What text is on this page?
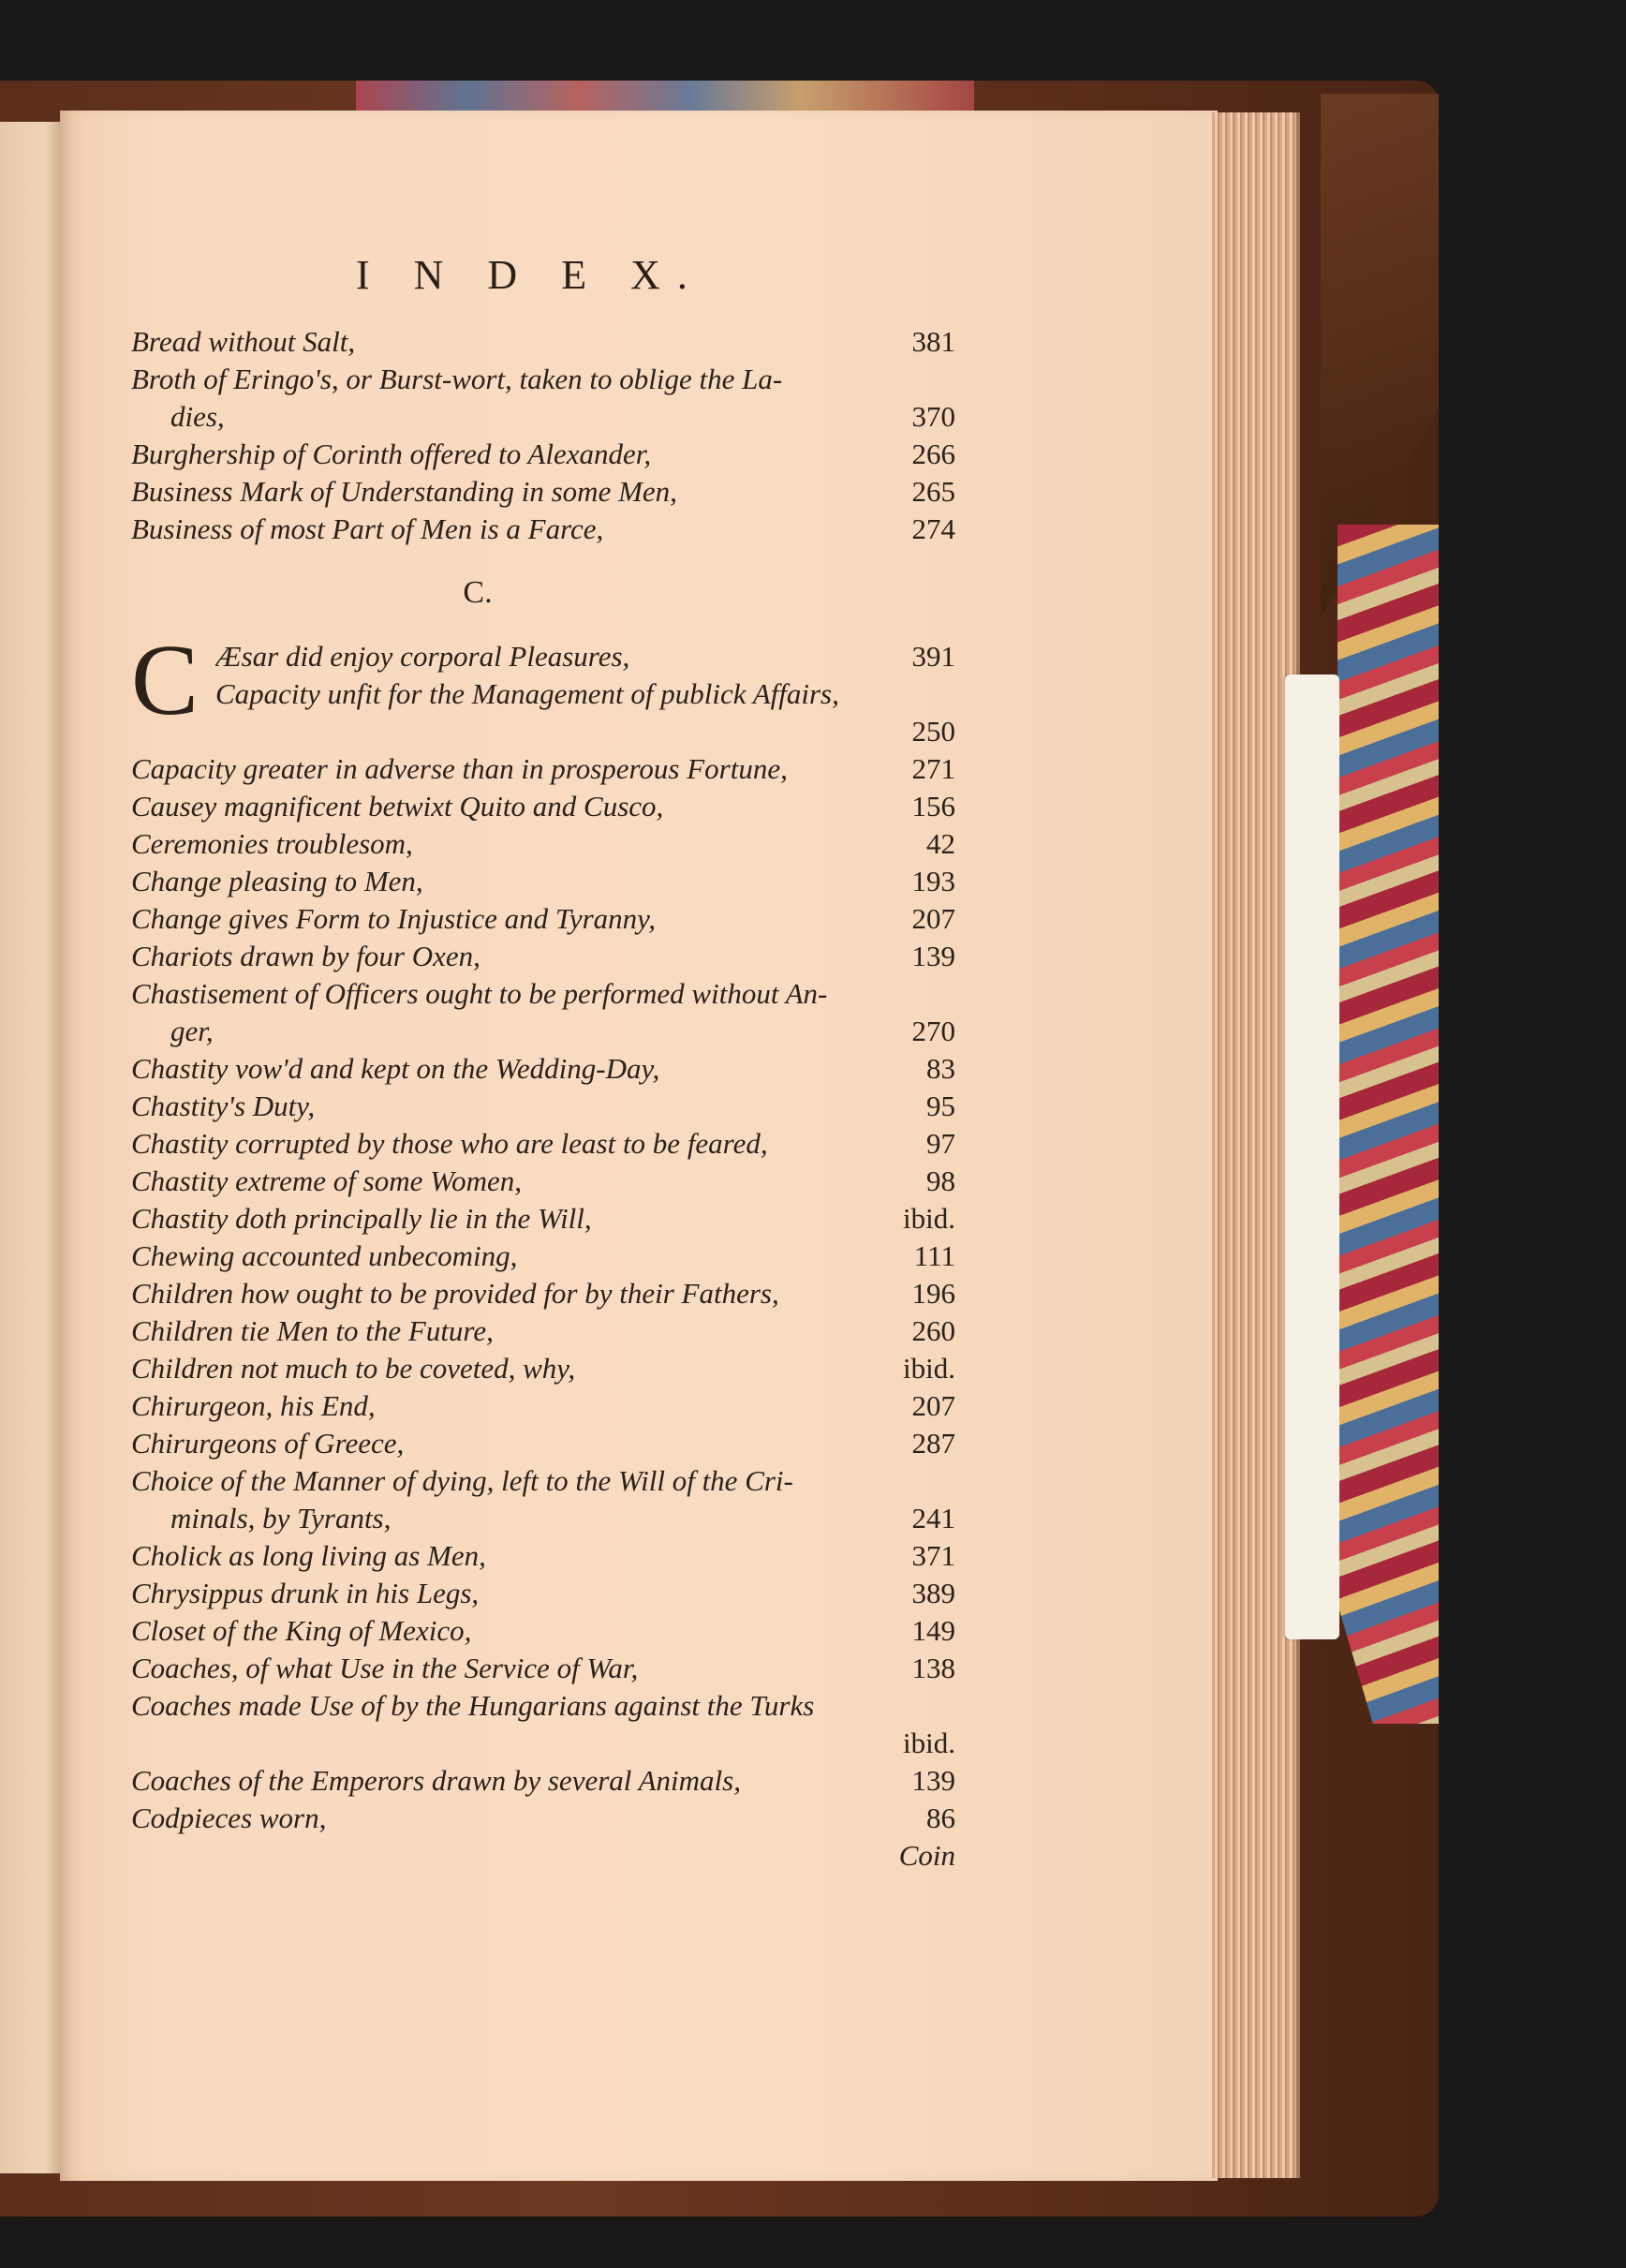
I N D E X.
Bread without Salt,	381
Broth of Eringo's, or Burst-wort, taken to oblige the La-
dies,	370
Burghership of Corinth offered to Alexander,	266
Business Mark of Understanding in some Men,	265
Business of most Part of Men is a Farce,	274
C.
C Æsar did enjoy corporal Pleasures,	391
Capacity unfit for the Management of publick Affairs,
250
Capacity greater in adverse than in prosperous Fortune,	271
Causey magnificent betwixt Quito and Cusco,	156
Ceremonies troublesom,	42
Change pleasing to Men,	193
Change gives Form to Injustice and Tyranny,	207
Chariots drawn by four Oxen,	139
Chastisement of Officers ought to be performed without An-
ger,	270
Chastity vow'd and kept on the Wedding-Day,	83
Chastity's Duty,	95
Chastity corrupted by those who are least to be feared,	97
Chastity extreme of some Women,	98
Chastity doth principally lie in the Will,	ibid.
Chewing accounted unbecoming,	111
Children how ought to be provided for by their Fathers,	196
Children tie Men to the Future,	260
Children not much to be coveted, why,	ibid.
Chirurgeon, his End,	207
Chirurgeons of Greece,	287
Choice of the Manner of dying, left to the Will of the Cri-
minals, by Tyrants,	241
Cholick as long living as Men,	371
Chrysippus drunk in his Legs,	389
Closet of the King of Mexico,	149
Coaches, of what Use in the Service of War,	138
Coaches made Use of by the Hungarians against the Turks
ibid.
Coaches of the Emperors drawn by several Animals,	139
Codpieces worn,	86
Coin
